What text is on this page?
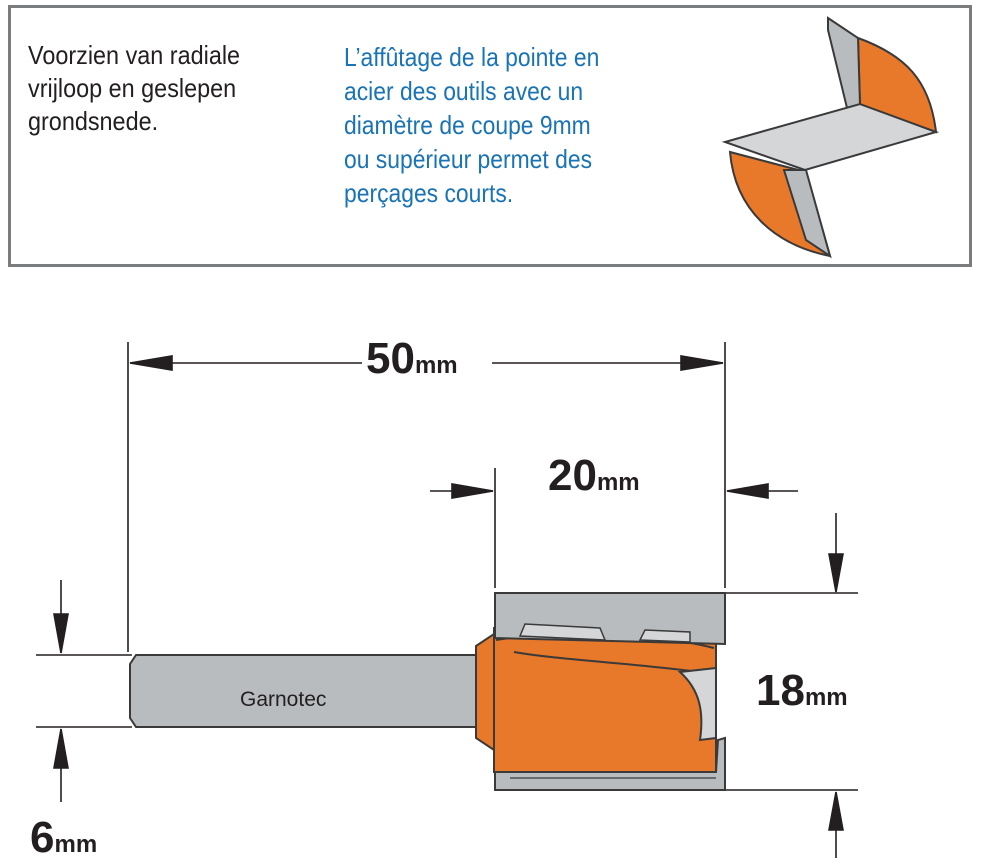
Voorzien van radiale
vrijloop en geslepen
grondsnede.
L’affûtage de la pointe en
acier des outils avec un
diamètre de coupe 9mm
ou supérieur permet des
perçages courts.
50mm
20mm
18mm
6mm
Garnotec
